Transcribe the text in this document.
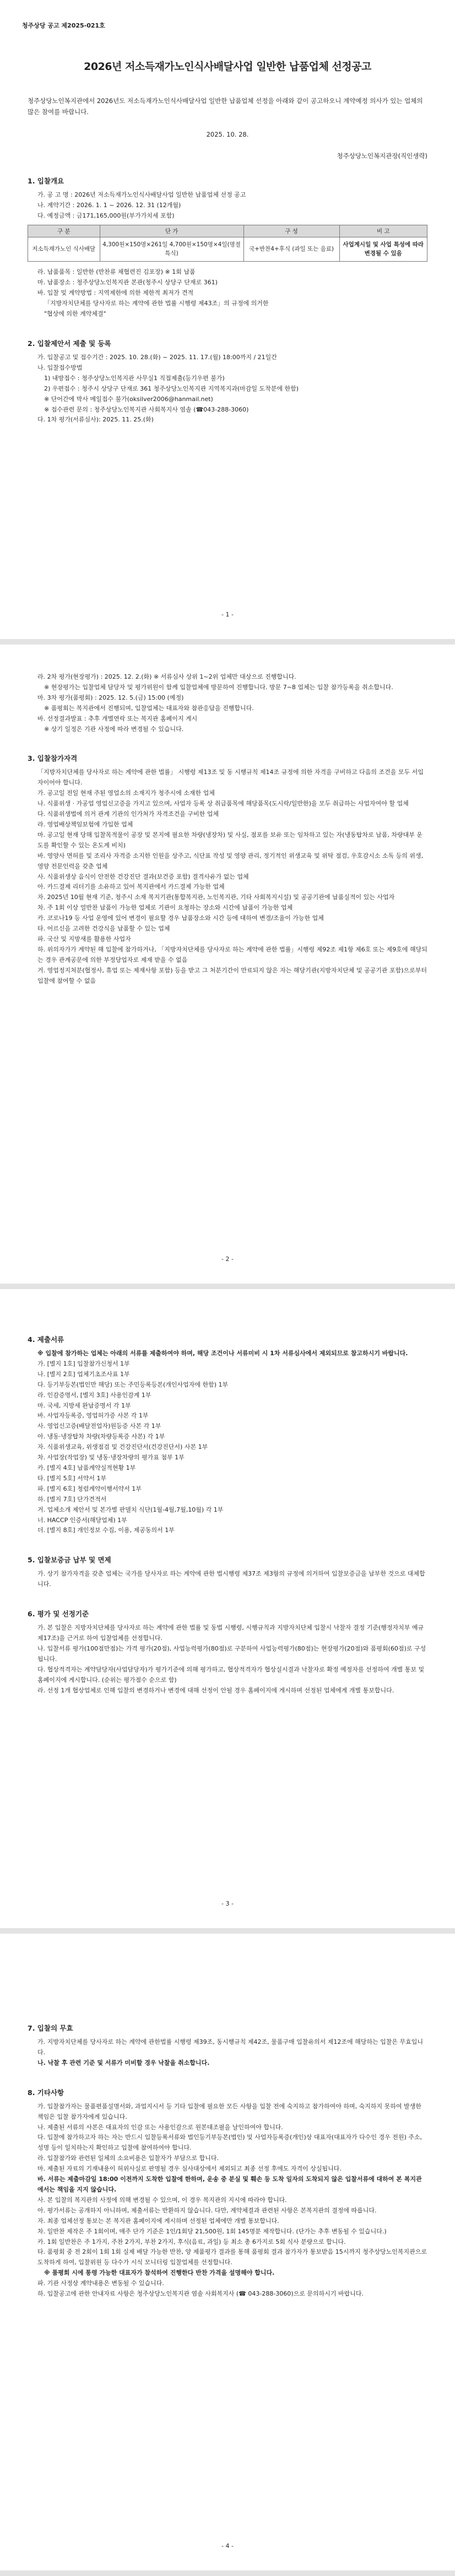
청주상당 공고 제2025-021호

2026년 저소득재가노인식사배달사업 일반한 납품업체 선정공고

청주상당노인복지관에서 2026년도 저소득재가노인식사배달사업 일반한 납품업체 선정을 아래와 같이 공고하오니 계약예정 의사가 있는 업체의 많은 참여를 바랍니다.

2025. 10. 28.

청주상당노인복지관장(직인생략)

1. 입찰개요

가. 공 고 명 : 2026년 저소득재가노인식사배달사업 일반한 납품업체 선정 공고

나. 계약기간 : 2026. 1. 1 ~ 2026. 12. 31 (12개월)

다. 예정금액 : 금171,165,000원(부가가치세 포함)

구 분	단 가	구 성	비 고
저소득재가노인 식사배달	4,300원×150명×261일 4,700원×150명×4일(명절 특식)	국+반찬4+후식 (과일 또는 음료)	사업계시일 및 사업 특성에 따라 변경될 수 있음

라. 납품품목 : 일반한 (반찬류 채협련진 김포장) ※ 1회 납품

마. 납품장소 : 청주상당노인복지관 본관(청주시 상당구 단재로 361)

바. 입찰 및 계약방법 : 지역제한에 의한 제한적 최저가 견적

「지방자치단체를 당사자로 하는 계약에 관한 법률 시행령 제43조」의 규정에 의거한

"협상에 의한 계약체결"

2. 입찰제안서 제출 및 등록

가. 입찰공고 및 접수기간 : 2025. 10. 28.(화) ~ 2025. 11. 17.(월) 18:00까지 / 21일간

나. 입찰접수방법

1) 내방접수 : 청주상당노인복지관 사무실1 직접제출(등기우편 불가)

2) 우편접수 : 청주시 상당구 단재로 361 청주상당노인복지관 지역복지과(마감일 도착분에 한함)

※ 단어간에 박사 메일접수 불가(oksilver2006@hanmail.net)

※ 접수관련 문의 : 청주상당노인복지관 사회복지사 염솔 (☎043-288-3060)

다. 1차 평가(서류심사): 2025. 11. 25.(화)

- 1 -

라. 2차 평가(현장평가) : 2025. 12. 2.(화) ※ 서류심사 상위 1~2위 업체만 대상으로 진행합니다.

※ 현장평가는 입찰업체 담당자 및 평가위원이 함께 입찰업체에 방문하여 진행합니다. 방문 7∼8 업체는 입찰 참가등록을 취소합니다.

마. 3차 평가(품평회) : 2025. 12. 5.(금) 15:00 (예정)

※ 품평회는 복지관에서 진행되며, 입찰업체는 대표자와 참관응답을 진행합니다.

바. 선정결과발표 : 추후 개별연락 또는 복지관 홈페이지 게시

※ 상기 일정은 기관 사정에 따라 변경될 수 있습니다.

3. 입찰참가자격

「지방자치단체를 당사자로 하는 계약에 관한 법률」 시행령 제13조 및 동 시행규칙 제14조 규정에 의한 자격을 구비하고 다음의 조건을 모두 서입자이어야 합니다.

가. 공고일 전일 현재 주된 영업소의 소재지가 청주시에 소재한 업체

나. 식품위생 · 가공업 영업신고증을 가지고 있으며, 사업자 등록 상 취급품목에 해당품목(도시락/일반한)을 모두 취급하는 사업자여야 할 업체

다. 식품위생법에 의거 관계 기관의 인가처가 자격조건을 구비한 업체

라. 영업배상책임보험에 가입한 업체

마. 공고일 현재 당해 입찰목적물이 공장 및 본지에 필요한 차량(냉장차) 및 사실, 점포를 보유 또는 임차하고 있는 자(냉동탑차로 납품, 차량대부 운도를 확인할 수 있는 온도계 비치)

바. 영양사 면허를 및 조리사 자격증 소지한 인원을 상주고, 식단표 작성 및 영양 관리, 정기적인 위생교육 및 위탁 점검, 우호감시소 소독 등의 위생, 영양 전문인력을 갖춘 업체

사. 식품위생상 음식이 안전한 건강진단 결과(보건증 포함) 결격사유가 없는 업체

아. 카드결제 리더기를 소유하고 있어 복지관에서 카드결제 가능한 업체

자. 2025년 10월 현재 기준, 청주시 소재 복지기관(통합복지관, 노인복지관, 기타 사회복지시설) 및 공공기관에 납품실적이 있는 사업자

차. 주 1회 이상 얼반찬 납품이 가능한 업체로 기관이 요청하는 장소와 시간에 납품이 가능한 업체

카. 코로나19 등 사업 운영에 있어 변경이 필요할 경우 납품장소와 시간 등에 대하여 변경/조율이 가능한 업체

타. 어르신을 고려한 건강식을 납품할 수 있는 업체

파. 국산 및 지방새를 활용한 사업자

하. 위의자가가 계약된 해 입찰에 참가하거나, 「지방자치단체를 당사자로 하는 계약에 관한 법률」시행령 제92조 제1항 제6호 또는 제9호에 해당되는 경우 관계공문에 의한 부정당업자로 제재 받을 수 없음

거. 영업정지처분(협정사, 휴업 또는 제재사항 포함) 등을 받고 그 처분기간이 만료되지 않은 자는 해당기관(지방자치단체 및 공공기관 포함)으로부터 입찰에 참여할 수 없음

- 2 -
4. 제출서류

※ 입찰에 참가하는 업체는 아래의 서류를 제출하여야 하며, 해당 조건이나 서류미비 시 1차 서류심사에서 제외되므로 참고하시기 바랍니다.

가. [별지 1호] 입찰참가신청서 1부

나. [별지 2호] 업체기초조사표 1부

다. 등기부등본(법인만 해당) 또는 주민등록등본(개인사업자에 한함) 1부

라. 인감증명서, [별지 3호] 사용인감계 1부

마. 국세, 지방세 완납증명서 각 1부

바. 사업자등록증, 영업허가증 사본 각 1부

사. 영업신고증(배달전업자)원등증 사본 각 1부

아. 냉동·냉장탑차 차량(차량등록증 사본) 각 1부

자. 식품위생교육, 위생점검 및 건강진단서(건강진단서) 사본 1부

차. 사업장(작업장) 및 냉동·냉장차량의 평가표 첨부 1부

카. [별지 4호] 납품계약실적현황 1부

타. [별지 5호] 서약서 1부

파. [별지 6호] 청렴계약이행서약서 1부

하. [별지 7호] 단가견적서

거. 업체소개 제안서 및 본가별 판델치 식단(1월-4월,7월,10월) 각 1부

너. HACCP 인증서(해당업체) 1부

더. [별지 8호] 개인정보 수집, 이용, 제공동의서 1부

5. 입찰보증금 납부 및 면제

가. 상기 참가자격을 갖춘 업체는 국가를 당사자로 하는 계약에 관한 법시행령 제37조 제3항의 규정에 의거하여 입찰보증금을 납부한 것으로 대체합니다.

6. 평가 및 선정기준

가. 본 입찰은 지방자치단체를 당사자로 하는 계약에 관한 법률 및 동법 시행령, 시행규칙과 지방자치단체 입찰시 낙찰자 결정 기준(행정자치부 예규 제17조)을 근거로 하여 입찰업체를 선정합니다.

나. 입찰서류 평가(100점만점)는 가격 평가(20점), 사업능력평가(80점)로 구분하여 사업능력평가(80점)는 현장평가(20점)와 품평회(60점)로 구성됩니다.

다. 협상적격자는 계약담당자(사업담당자)가 평가기준에 의해 평가하고, 협상적격자가 협상실시결과 낙찰자로 확정 예정자를 선정하여 개별 통보 및 홈페이지에 게시합니다. (순위는 평가점수 순으로 함)

라. 선정 1개 협상업체로 인해 입찰의 변경하거나 변경에 대해 선정이 안될 경우 홈페이지에 게시하며 선정된 업체에게 개별 통보합니다.

- 3 -
7. 입찰의 무효

가. 지방자치단체를 당사자로 하는 계약에 관한법률 시행령 제39조, 동시행규칙 제42조, 물품구매 입찰유의서 제12조에 해당하는 입찰은 무효입니다.

나. 낙찰 후 관련 기준 및 서류가 미비할 경우 낙찰을 취소합니다.

8. 기타사항

가. 입찰참가자는 물품편품설명서와, 과업지시서 등 기타 입찰에 필요한 모든 사항을 입찰 전에 숙지하고 참가하여야 하며, 숙지하지 못하여 발생한 책임은 입찰 참가자에게 있습니다.

나. 제출된 서류의 사본은 대표자의 인감 또는 사용인감으로 원본대조필을 날인하여야 합니다.

다. 입찰에 참가하고자 하는 자는 반드시 입찰등록서류와 법인등기부등본(법인) 및 사업자등록증(개인)상 대표자(대표자가 다수인 경우 전원) 주소, 성명 등이 일치하는지 확인하고 입찰에 참여하여야 합니다.

라. 입찰참가와 관련된 일체의 소요비용은 입찰자가 부담으로 합니다.

마. 제출된 자료의 기재내용이 허위사실로 판명될 경우 심사대상에서 제외되고 최종 선정 후에도 자격이 상실됩니다.

바. 서류는 제출마감일 18:00 이전까지 도착한 입찰에 한하며, 운송 중 분실 및 훼손 등 도착 일자의 도착되지 않은 입찰서류에 대하여 본 복지관에서는 책임을 지지 않습니다.

사. 본 입찰의 복지관의 사정에 의해 변경될 수 있으며, 이 경우 복지관의 지시에 따라야 합니다.

아. 평가서류는 공개하지 아니하며, 제출서류는 반환하지 않습니다. 다만, 계약체결과 관련된 사항은 본복지관의 결정에 따릅니다.

자. 최종 업체선정 통보는 본 복지관 홈페이지에 게시하며 선정된 업체에만 개별 통보합니다.

차. 일반찬 제작은 주 1회이며, 매주 단가 기준은 1인/1회당 21,500원, 1회 145명분 제작합니다. (단가는 추후 변동될 수 있습니다.)

카. 1회 일반찬은 주 1가지, 주찬 2가지, 부찬 2가지, 후식(음료, 과일) 등 최소 총 6가지로 5회 식사 분량으로 합니다.

타. 품평회 중 전 2회이 1회 1회 실제 배달 가능한 반찬, 양 제품평가 결과를 통해 품평회 결과 참가자가 통보받음 15시까지 청주상당노인복지관으로 도착하게 하여, 입찰위원 등 다수가 시식 모니터링 입찰업체를 선정합니다.

※ 품평회 시에 통령 가능한 대표자가 참석하여 진행한다 반찬 가격을 설명해야 합니다.

파. 기관 사정상 계약내용은 변동될 수 있습니다.

하. 입찰공고에 관한 안내자료 사항은 청주상당노인복지관 염솔 사회복지사 (☎ 043-288-3060)으로 문의하시기 바랍니다.

- 4 -
